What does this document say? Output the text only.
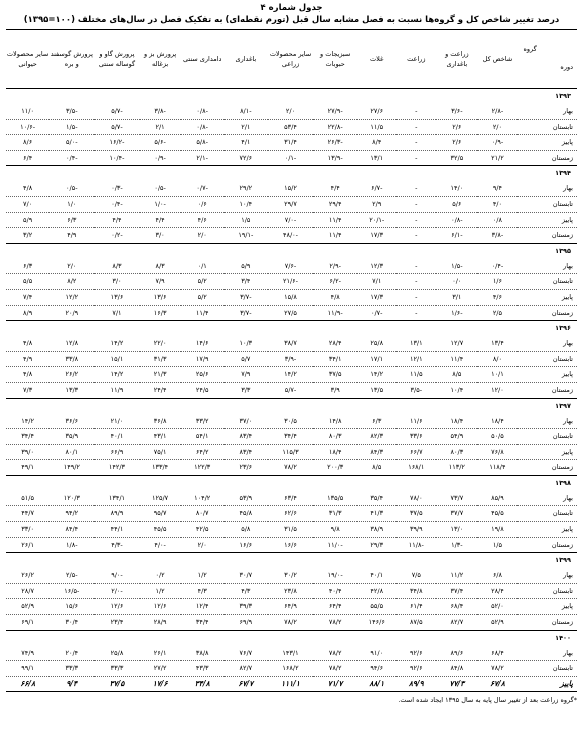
جدول شماره ۴
درصد تغییر شاخص کل و گروه‌ها نسبت به فصل مشابه سال قبل (تورم نقطه‌ای) به تفکیک فصل در سال‌های مختلف (۱۰۰=۱۳۹۵)
گروه
دوره	شاخص کل	زراعت و باغداری	زراعت	غلات	سبزیجات و حبوبات	سایر محصولات زراعی	باغداری	دامداری سنتی	پرورش بز و بزغاله	پرورش گاو و گوساله سنتی	پرورش گوسفند و بره	سایر محصولات حیوانی
۱۳۹۳												
بهار	-۲/۸	-۳/۶	-	۲۷/۶	-۲۷/۹	۲/۰	-۸/۱	-۰/۸	-۳/۸	-۵/۷	-۳/۵	۱۱/۰
تابستان	۲/۰	۲/۶	-	۱۱/۵	-۲۲/۸	۵۳/۴	۲/۱	-۰/۸	۲/۱	-۵/۷	-۱/۵	-۱۰/۶
پاییز	-۰/۹	۲/۶	-	۸/۴	-۲۶/۳	۳۱/۴	۴/۱	-۵/۸	-۵/۶	-۱۶/۲	-۵/۰	۸/۶
زمستان	۲۱/۲	۳۲/۵	-	۱۳/۱	-۱۳/۹	-۰/۱	۷۲/۶	-۲/۱	-۰/۹	-۱۰/۴	-۰/۴	۶/۴
۱۳۹۴												
بهار	۹/۴	۱۴/۰	-	-۶/۷	۴/۴	۱۵/۲	۲۹/۲	-۰/۷	-۰/۵	-۰/۳	-۰/۵	۴/۸
تابستان	۴/۰	۵/۶	-	۲/۹	۲۹/۴	۲۹/۷	۱۰/۴	۰/۶	-۱/۰	-۰/۴	۱/۰	۷/۰
پاییز	۰/۸	-۰/۸	-	-۲۰/۱	۱۱/۴	-۷/۰	۱/۵	۴/۶	۴/۴	۴/۴	۶/۳	۵/۹
زمستان	-۳/۸	-۶/۱	-	۱۷/۳	۱۱/۴	-۴۸/۰	-۱۹/۱	۲/۰	۳/۰	-۰/۲	۴/۹	۳/۲
۱۳۹۵												
بهار	-۰/۴	-۱/۵	-	۱۲/۳	-۲/۹	-۷/۶	۵/۹	۰/۱	۸/۳	۸/۳	۲/۰	۶/۳
تابستان	۱/۶	۰/۰	-	۷/۱	-۶/۲	-۲۱/۶	۳/۴	۵/۲	۷/۹	۳/۰	۸/۲	۵/۵
پاییز	۴/۶	۳/۱	-	۱۷/۳	۴/۸	۱۵/۸	-۳/۷	۵/۲	۱۳/۶	۱۳/۶	۱۲/۲	۷/۴
زمستان	۲/۵	-۱/۶	-	-۰/۷	-۱۱/۹	۲۷/۵	-۳/۷	۱۱/۴	۱۶/۳	۷/۱	۲۰/۹	۸/۹
۱۳۹۶												
بهار	۱۳/۴	۱۲/۷	۱۳/۱	۲۵/۸	۲۸/۴	۳۸/۷	۱۰/۳	۱۴/۶	۲۲/۰	۱۴/۲	۱۲/۸	۴/۸
تابستان	۸/۰	۱۱/۴	۱۲/۱	۱۷/۱	۳۴/۱	-۳/۹	۵/۷	۱۷/۹	۳۱/۳	۱۵/۱	۳۳/۸	۴/۹
پاییز	۱۰/۱	۸/۵	۱۱/۵	۱۴/۲	۳۷/۵	۱۴/۲	۷/۹	۲۵/۶	۲۱/۳	۱۴/۲	۲۶/۲	۴/۸
زمستان	۱۲/۰	۱۰/۴	-۳/۵	۱۳/۵	۳/۹	-۵/۷	۳/۳	۲۴/۵	۲۴/۴	۱۱/۹	۱۳/۳	۷/۳
۱۳۹۷												
بهار	۱۸/۴	۱۸/۴	۱۱/۶	۶/۳	۱۴/۸	۳۰/۵	۳۷/۰	۳۳/۲	۳۶/۸	۲۱/۰	۳۶/۶	۱۴/۲
تابستان	۵۰/۵	۵۴/۹	۳۳/۶	۸۲/۳	۸۰/۳	۳۴/۴	۸۳/۴	۵۴/۱	۴۳/۱	۴۰/۱	۳۵/۹	۳۴/۴
پاییز	۷۶/۸	۸۰/۳	۶۶/۷	۸۴/۳	۱۸/۴	۱۱۵/۳	۸۳/۴	۶۴/۲	۷۵/۱	۶۶/۹	۸۰/۱	۳۹/۰
زمستان	۱۱۸/۴	۱۱۳/۲	۱۶۸/۱	۸/۵	۲۰۰/۳	۷۸/۲	۲۳/۶	۱۲۲/۳	۱۳۳/۴	۱۴۲/۳	۱۴۹/۲	۴۹/۱
۱۳۹۸												
بهار	۸۵/۹	۷۳/۷	۷۸/۰	۳۵/۴	۱۳۵/۵	۶۳/۴	۵۳/۹	۱۰۴/۲	۱۲۵/۷	۱۳۴/۱	۱۲۰/۳	۵۱/۵
تابستان	۴۵/۵	۳۷/۷	۳۷/۵	۴۱/۳	۳۱/۳	۶۲/۶	۴۵/۸	۸۰/۷	۹۵/۷	۸۹/۹	۹۴/۲	۴۴/۷
پاییز	۱۹/۸	۱۳/۰	۳۹/۹	۳۸/۹	۹/۸	۳۱/۵	۵/۸	۴۲/۵	۴۵/۵	۴۴/۱	۸۴/۴	۳۳/۰
زمستان	۱/۵	-۱/۳	-۱۱/۸	۲۹/۳	-۱۱/۰	۱۶/۶	۱۶/۶	۲/۰	-۴/۰	-۴/۳	-۱/۸	۲۶/۱
۱۳۹۹												
بهار	۶/۸	۱۱/۲	۷/۵	۴۰/۱	-۱۹/۰	۳۰/۲	۳۰/۷	۱/۲	۰/۲	-۹/۰	-۲/۵	۲۶/۲
تابستان	۲۸/۴	۳۷/۴	۳۴/۸	۴۲/۸	۴۰/۴	۲۳/۸	۴/۳	۴/۳	۱/۲	-۲/۰	-۱۶/۵	۲۸/۷
پاییز	۵۲/۰	۶۸/۴	۶۱/۴	۵۵/۵	۶۴/۴	۶۴/۹	۳۹/۳	۱۲/۴	۱۲/۶	۱۲/۶	۱۵/۶	۵۲/۹
زمستان	۵۲/۹	۸۲/۷	۸۷/۵	۱۴۶/۶	۷۸/۲	۷۸/۲	۶۹/۹	۳۴/۴	۲۸/۹	۲۳/۴	۳۰/۴	۶۹/۱
۱۴۰۰												
بهار	۶۸/۴	۸۹/۶	۹۲/۶	۹۱/۰	۷۸/۲	۱۴۳/۱	۷۶/۷	۳۸/۸	۲۶/۱	۲۵/۸	۲۰/۴	۷۴/۹
تابستان	۷۸/۲	۸۴/۸	۹۲/۶	۹۴/۶	۷۸/۲	۱۶۸/۲	۸۲/۷	۴۳/۳	۲۷/۲	۳۳/۳	۳۳/۳	۹۹/۱
پاییز	۶۷/۸	۷۷/۳	۸۹/۹	۸۸/۱	۷۱/۷	۱۱۱/۱	۶۷/۷	۳۴/۸	۱۷/۶	۳۷/۵	۹/۴	۶۶/۸
*گروه زراعت بعد از تغییر سال پایه به سال ۱۳۹۵ ایجاد شده است.
